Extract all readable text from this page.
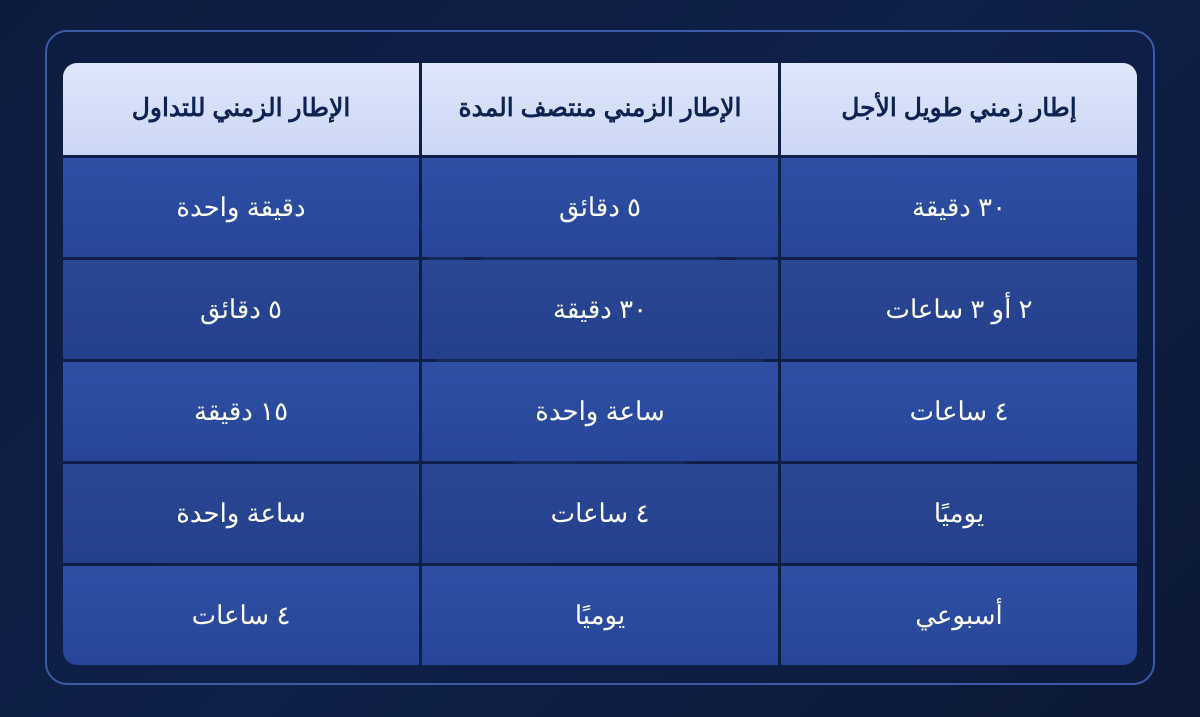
إطار زمني طويل الأجل	الإطار الزمني منتصف المدة	الإطار الزمني للتداول

٣٠ دقيقة	٥ دقائق	دقيقة واحدة

٢ أو ٣ ساعات	٣٠ دقيقة	٥ دقائق

٤ ساعات	ساعة واحدة	١٥ دقيقة

يوميًا	٤ ساعات	ساعة واحدة

أسبوعي	يوميًا	٤ ساعات
